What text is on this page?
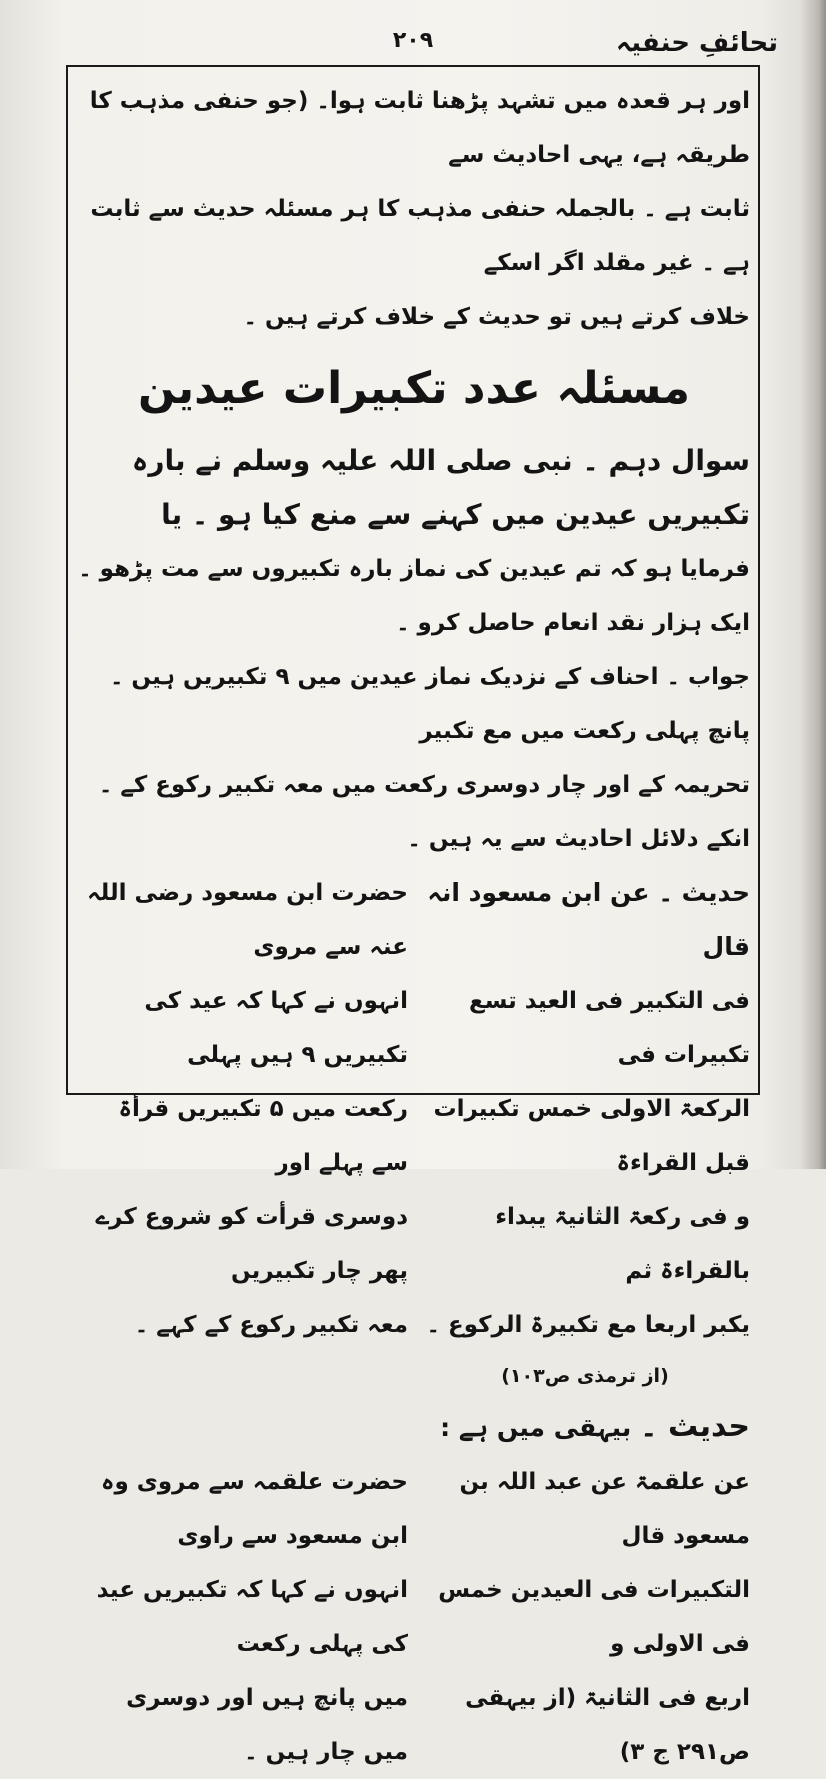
تحائفِ حنفیہ
۲۰۹

اور ہر قعدہ میں تشہد پڑھنا ثابت ہوا۔ (جو حنفی مذہب کا طریقہ ہے، یہی احادیث سے

ثابت ہے ۔ بالجملہ حنفی مذہب کا ہر مسئلہ حدیث سے ثابت ہے ۔ غیر مقلد اگر اسکے

خلاف کرتے ہیں تو حدیث کے خلاف کرتے ہیں ۔

مسئلہ عدد تکبیرات عیدین

سوال دہم ۔ نبی صلی اللہ علیہ وسلم نے بارہ تکبیریں عیدین میں کہنے سے منع کیا ہو ۔ یا

فرمایا ہو کہ تم عیدین کی نماز بارہ تکبیروں سے مت پڑھو ۔ ایک ہزار نقد انعام حاصل کرو ۔

جواب ۔ احناف کے نزدیک نماز عیدین میں ۹ تکبیریں ہیں ۔ پانچ پہلی رکعت میں مع تکبیر

تحریمہ کے اور چار دوسری رکعت میں معہ تکبیر رکوع کے ۔ انکے دلائل احادیث سے یہ ہیں ۔

حدیث ۔ عن ابن مسعود انہ قال

فی التکبیر فی العید تسع تکبیرات فی

الرکعۃ الاولی خمس تکبیرات قبل القراءۃ

و فی رکعۃ الثانیۃ یبداء بالقراءۃ ثم

یکبر اربعا مع تکبیرۃ الرکوع ۔

(از ترمذی ص۱۰۳)

حضرت ابن مسعود رضی اللہ عنہ سے مروی

انہوں نے کہا کہ عید کی تکبیریں ۹ ہیں پہلی

رکعت میں ۵ تکبیریں قرأۃ سے پہلے اور

دوسری قرأت کو شروع کرے پھر چار تکبیریں

معہ تکبیر رکوع کے کہے ۔

حدیث ۔ بیہقی میں ہے :

عن علقمۃ عن عبد اللہ بن مسعود قال

التکبیرات فی العیدین خمس فی الاولی و

اربع فی الثانیۃ (از بیہقی ص۲۹۱ ج ۳)

حضرت علقمہ سے مروی وہ ابن مسعود سے راوی

انہوں نے کہا کہ تکبیریں عید کی پہلی رکعت

میں پانچ ہیں اور دوسری میں چار ہیں ۔
